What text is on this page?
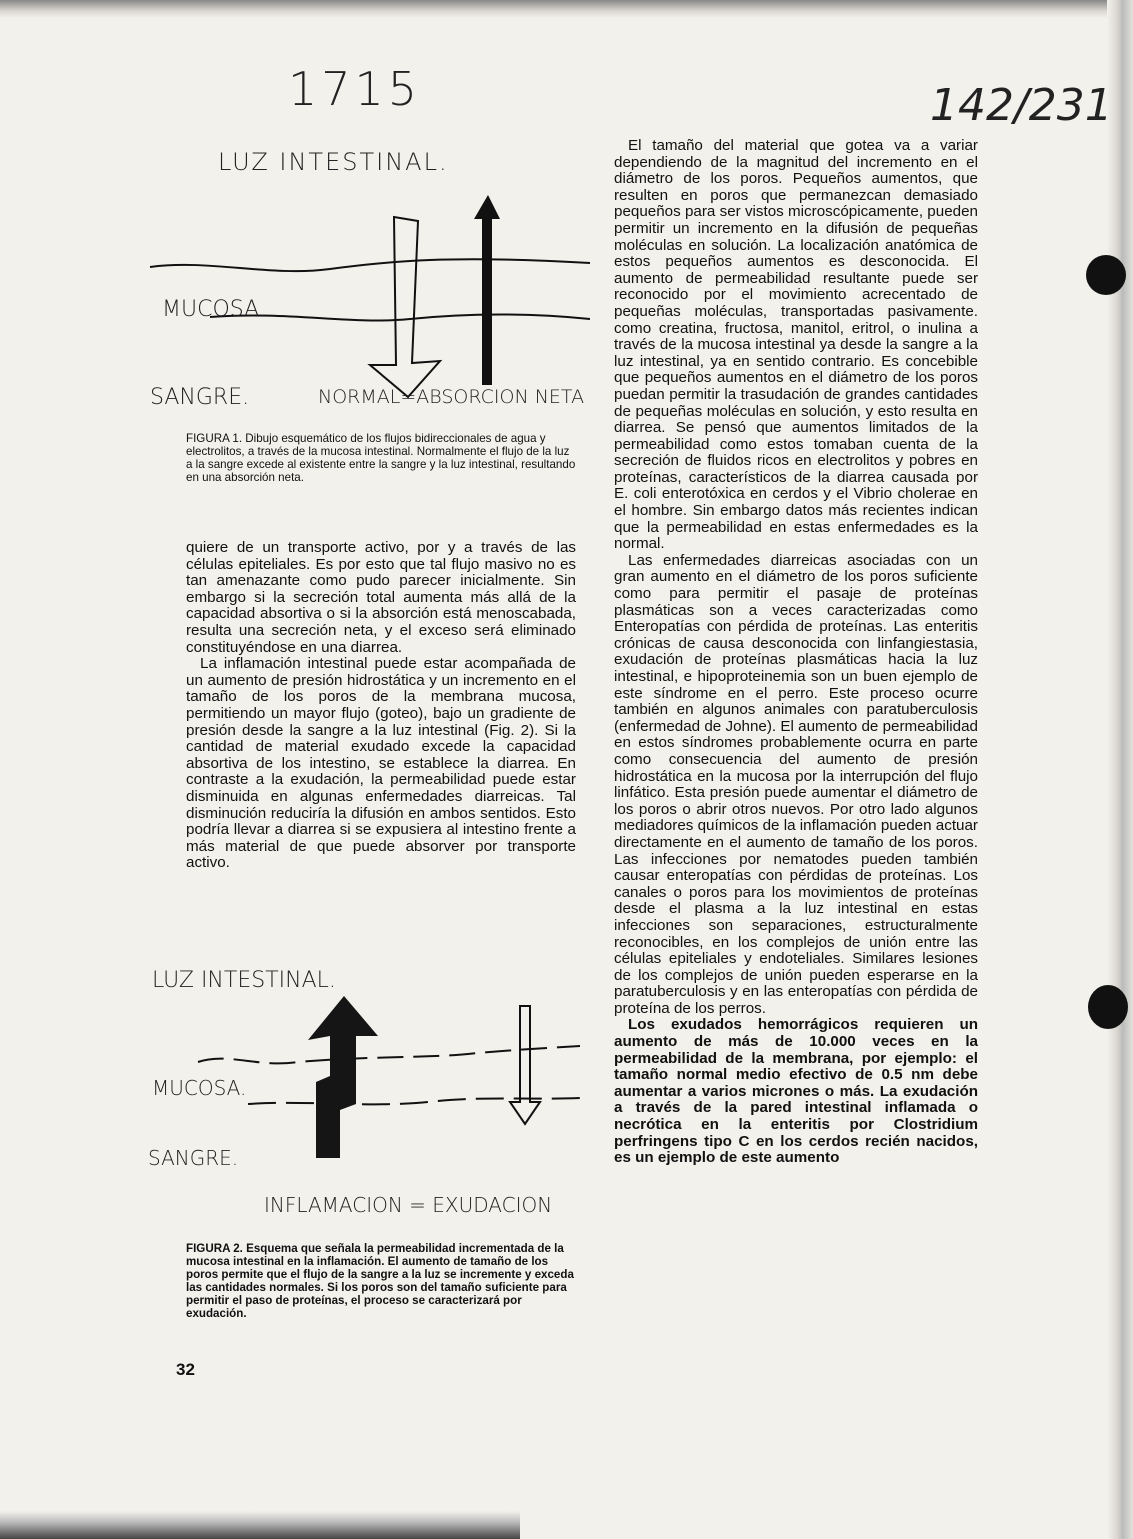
1715	142/231
LUZ INTESTINAL.
MUCOSA.
SANGRE.	NORMAL=ABSORCION NETA
FIGURA 1. Dibujo esquemático de los flujos bidireccionales de agua y electrolitos, a través de la mucosa intestinal. Normalmente el flujo de la luz a la sangre excede al existente entre la sangre y la luz intestinal, resultando en una absorción neta.

quiere de un transporte activo, por y a través de las células epiteliales. Es por esto que tal flujo masivo no es tan amenazante como pudo parecer inicialmente. Sin embargo si la secreción total aumenta más allá de la capacidad absortiva o si la absorción está menoscabada, resulta una secreción neta, y el exceso será eliminado constituyéndose en una diarrea.

La inflamación intestinal puede estar acompañada de un aumento de presión hidrostática y un incremento en el tamaño de los poros de la membrana mucosa, permitiendo un mayor flujo (goteo), bajo un gradiente de presión desde la sangre a la luz intestinal (Fig. 2). Si la cantidad de material exudado excede la capacidad absortiva de los intestino, se establece la diarrea. En contraste a la exudación, la permeabilidad puede estar disminuida en algunas enfermedades diarreicas. Tal disminución reduciría la difusión en ambos sentidos. Esto podría llevar a diarrea si se expusiera al intestino frente a más material de que puede absorver por transporte activo.

LUZ INTESTINAL.
MUCOSA.
SANGRE.
INFLAMACION = EXUDACION
FIGURA 2. Esquema que señala la permeabilidad incrementada de la mucosa intestinal en la inflamación. El aumento de tamaño de los poros permite que el flujo de la sangre a la luz se incremente y exceda las cantidades normales. Si los poros son del tamaño suficiente para permitir el paso de proteínas, el proceso se caracterizará por exudación.
32

El tamaño del material que gotea va a variar dependiendo de la magnitud del incremento en el diámetro de los poros. Pequeños aumentos, que resulten en poros que permanezcan demasiado pequeños para ser vistos microscópicamente, pueden permitir un incremento en la difusión de pequeñas moléculas en solución. La localización anatómica de estos pequeños aumentos es desconocida. El aumento de permeabilidad resultante puede ser reconocido por el movimiento acrecentado de pequeñas moléculas, transportadas pasivamente. como creatina, fructosa, manitol, eritrol, o inulina a través de la mucosa intestinal ya desde la sangre a la luz intestinal, ya en sentido contrario. Es concebible que pequeños aumentos en el diámetro de los poros puedan permitir la trasudación de grandes cantidades de pequeñas moléculas en solución, y esto resulta en diarrea. Se pensó que aumentos limitados de la permeabilidad como estos tomaban cuenta de la secreción de fluidos ricos en electrolitos y pobres en proteínas, característicos de la diarrea causada por E. coli enterotóxica en cerdos y el Vibrio cholerae en el hombre. Sin embargo datos más recientes indican que la permeabilidad en estas enfermedades es la normal.

Las enfermedades diarreicas asociadas con un gran aumento en el diámetro de los poros suficiente como para permitir el pasaje de proteínas plasmáticas son a veces caracterizadas como Enteropatías con pérdida de proteínas. Las enteritis crónicas de causa desconocida con linfangiestasia, exudación de proteínas plasmáticas hacia la luz intestinal, e hipoproteinemia son un buen ejemplo de este síndrome en el perro. Este proceso ocurre también en algunos animales con paratuberculosis (enfermedad de Johne). El aumento de permeabilidad en estos síndromes probablemente ocurra en parte como consecuencia del aumento de presión hidrostática en la mucosa por la interrupción del flujo linfático. Esta presión puede aumentar el diámetro de los poros o abrir otros nuevos. Por otro lado algunos mediadores químicos de la inflamación pueden actuar directamente en el aumento de tamaño de los poros. Las infecciones por nematodes pueden también causar enteropatías con pérdidas de proteínas. Los canales o poros para los movimientos de proteínas desde el plasma a la luz intestinal en estas infecciones son separaciones, estructuralmente reconocibles, en los complejos de unión entre las células epiteliales y endoteliales. Similares lesiones de los complejos de unión pueden esperarse en la paratuberculosis y en las enteropatías con pérdida de proteína de los perros.

Los exudados hemorrágicos requieren un aumento de más de 10.000 veces en la permeabilidad de la membrana, por ejemplo: el tamaño normal medio efectivo de 0.5 nm debe aumentar a varios micrones o más. La exudación a través de la pared intestinal inflamada o necrótica en la enteritis por Clostridium perfringens tipo C en los cerdos recién nacidos, es un ejemplo de este aumento
